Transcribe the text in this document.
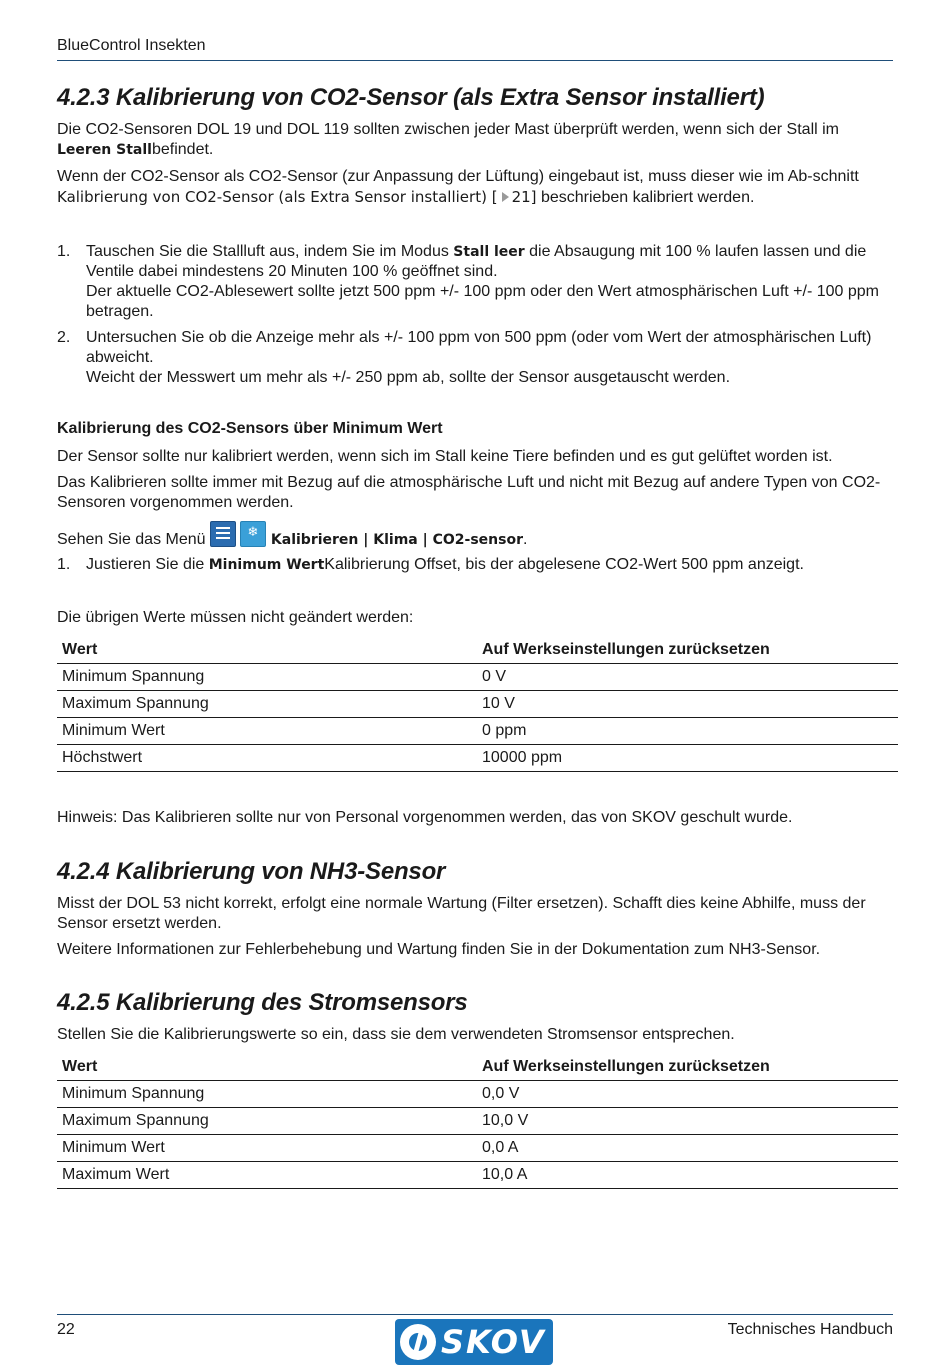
BlueControl Insekten
4.2.3 Kalibrierung von CO2-Sensor (als Extra Sensor installiert)

Die CO2-Sensoren DOL 19 und DOL 119 sollten zwischen jeder Mast überprüft werden, wenn sich der Stall im Leeren Stallbefindet.

Wenn der CO2-Sensor als CO2-Sensor (zur Anpassung der Lüftung) eingebaut ist, muss dieser wie im Ab-schnitt Kalibrierung von CO2-Sensor (als Extra Sensor installiert) [ 21] beschrieben kalibriert werden.

1. Tauschen Sie die Stallluft aus, indem Sie im Modus Stall leer die Absaugung mit 100 % laufen lassen und die Ventile dabei mindestens 20 Minuten 100 % geöffnet sind.
Der aktuelle CO2-Ablesewert sollte jetzt 500 ppm +/- 100 ppm oder den Wert atmosphärischen Luft +/- 100 ppm betragen.
2. Untersuchen Sie ob die Anzeige mehr als +/- 100 ppm von 500 ppm (oder vom Wert der atmosphärischen Luft) abweicht.
Weicht der Messwert um mehr als +/- 250 ppm ab, sollte der Sensor ausgetauscht werden.
Kalibrierung des CO2-Sensors über Minimum Wert

Der Sensor sollte nur kalibriert werden, wenn sich im Stall keine Tiere befinden und es gut gelüftet worden ist.

Das Kalibrieren sollte immer mit Bezug auf die atmosphärische Luft und nicht mit Bezug auf andere Typen von CO2-Sensoren vorgenommen werden.

Sehen Sie das Menü
	❄ Kalibrieren | Klima | CO2-sensor.

1. Justieren Sie die Minimum WertKalibrierung Offset, bis der abgelesene CO2-Wert 500 ppm anzeigt.

Die übrigen Werte müssen nicht geändert werden:

Wert	Auf Werkseinstellungen zurücksetzen
Minimum Spannung	0 V
Maximum Spannung	10 V
Minimum Wert	0 ppm
Höchstwert	10000 ppm

Hinweis: Das Kalibrieren sollte nur von Personal vorgenommen werden, das von SKOV geschult wurde.

4.2.4 Kalibrierung von NH3-Sensor

Misst der DOL 53 nicht korrekt, erfolgt eine normale Wartung (Filter ersetzen). Schafft dies keine Abhilfe, muss der Sensor ersetzt werden.

Weitere Informationen zur Fehlerbehebung und Wartung finden Sie in der Dokumentation zum NH3-Sensor.

4.2.5 Kalibrierung des Stromsensors

Stellen Sie die Kalibrierungswerte so ein, dass sie dem verwendeten Stromsensor entsprechen.

Wert	Auf Werkseinstellungen zurücksetzen
Minimum Spannung	0,0 V
Maximum Spannung	10,0 V
Minimum Wert	0,0 A
Maximum Wert	10,0 A
22	SKOV	Technisches Handbuch
